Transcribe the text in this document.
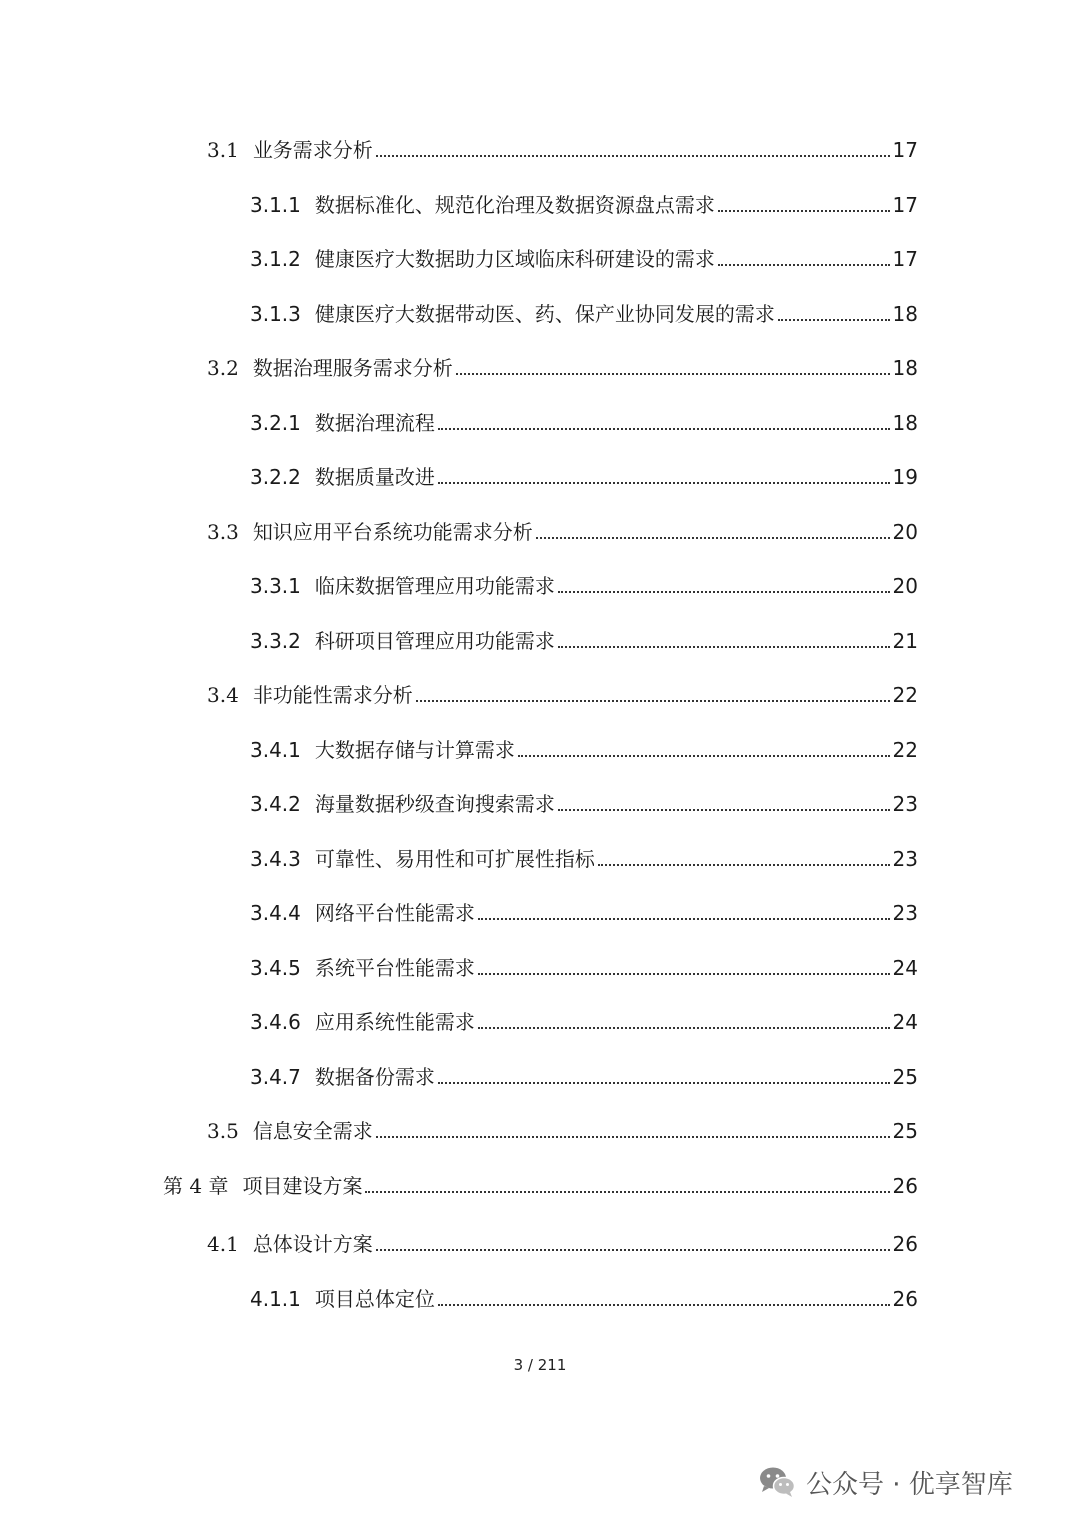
3.1 业务需求分析	17
3.1.1 数据标准化、规范化治理及数据资源盘点需求	17
3.1.2 健康医疗大数据助力区域临床科研建设的需求	17
3.1.3 健康医疗大数据带动医、药、保产业协同发展的需求	18
3.2 数据治理服务需求分析	18
3.2.1 数据治理流程	18
3.2.2 数据质量改进	19
3.3 知识应用平台系统功能需求分析	20
3.3.1 临床数据管理应用功能需求	20
3.3.2 科研项目管理应用功能需求	21
3.4 非功能性需求分析	22
3.4.1 大数据存储与计算需求	22
3.4.2 海量数据秒级查询搜索需求	23
3.4.3 可靠性、易用性和可扩展性指标	23
3.4.4 网络平台性能需求	23
3.4.5 系统平台性能需求	24
3.4.6 应用系统性能需求	24
3.4.7 数据备份需求	25
3.5 信息安全需求	25
第 4 章 项目建设方案	26
4.1 总体设计方案	26
4.1.1 项目总体定位	26
3 / 211
公众号 · 优享智库
